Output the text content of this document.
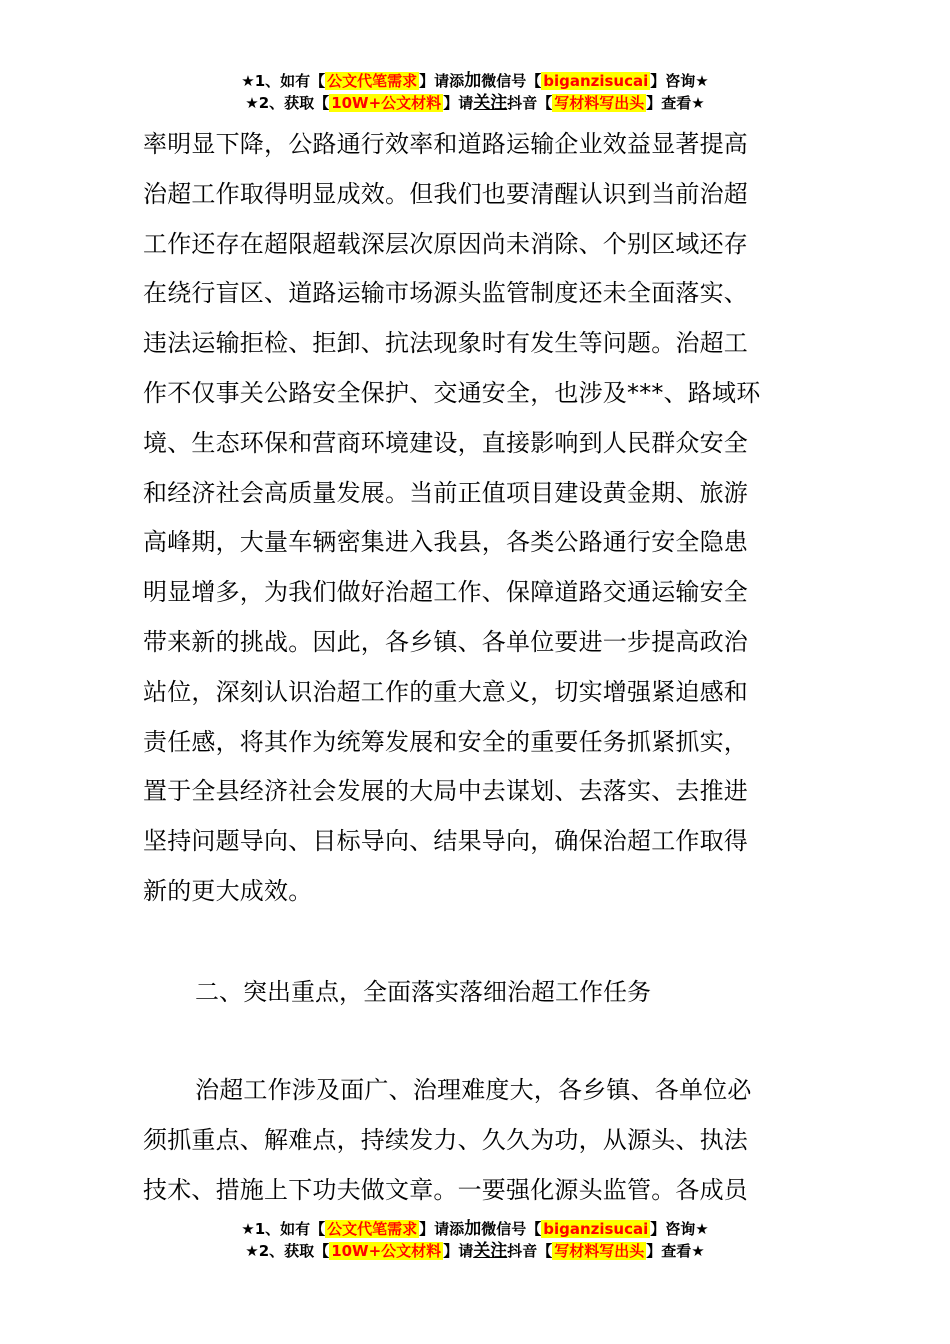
★1、如有【 公文代笔需求 】请添加微信号【 biganzisucai 】咨询★
★2、获取【 10W+公文材料 】请关注抖音【 写材料写出头 】查看★
率明显下降，公路通行效率和道路运输企业效益显著提高
治超工作取得明显成效。但我们也要清醒认识到当前治超
工作还存在超限超载深层次原因尚未消除、个别区域还存
在绕行盲区、道路运输市场源头监管制度还未全面落实、
违法运输拒检、拒卸、抗法现象时有发生等问题。治超工
作不仅事关公路安全保护、交通安全，也涉及***、路域环
境、生态环保和营商环境建设，直接影响到人民群众安全
和经济社会高质量发展。当前正值项目建设黄金期、旅游
高峰期，大量车辆密集进入我县，各类公路通行安全隐患
明显增多，为我们做好治超工作、保障道路交通运输安全
带来新的挑战。因此，各乡镇、各单位要进一步提高政治
站位，深刻认识治超工作的重大意义，切实增强紧迫感和
责任感，将其作为统筹发展和安全的重要任务抓紧抓实，
置于全县经济社会发展的大局中去谋划、去落实、去推进
坚持问题导向、目标导向、结果导向，确保治超工作取得
新的更大成效。
二、突出重点，全面落实落细治超工作任务
治超工作涉及面广、治理难度大，各乡镇、各单位必
须抓重点、解难点，持续发力、久久为功，从源头、执法
技术、措施上下功夫做文章。一要强化源头监管。各成员
★1、如有【 公文代笔需求 】请添加微信号【 biganzisucai 】咨询★
★2、获取【 10W+公文材料 】请关注抖音【 写材料写出头 】查看★
